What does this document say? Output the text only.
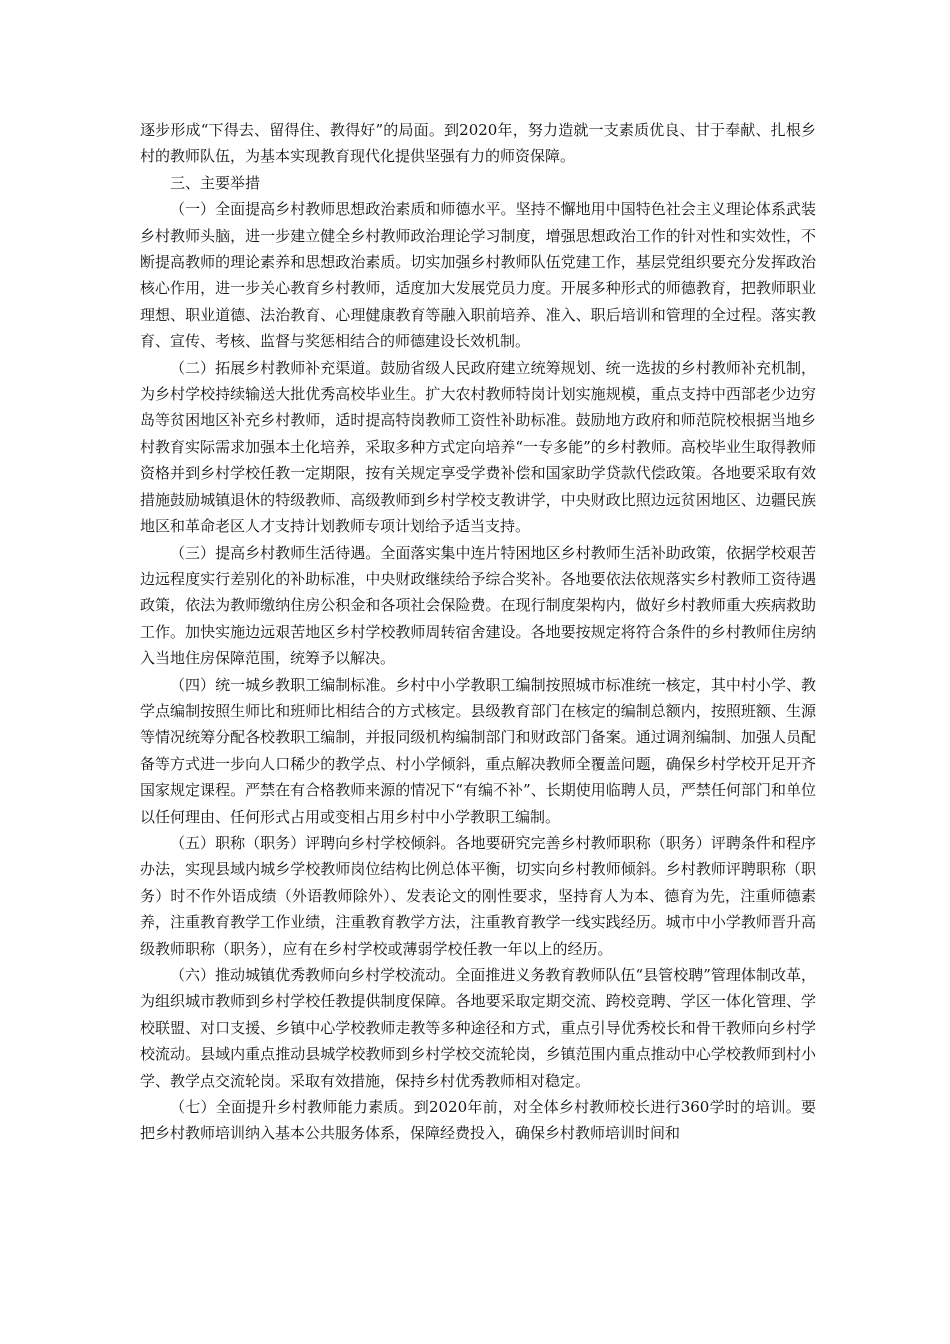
逐步形成“下得去、留得住、教得好”的局面。到2020年，努力造就一支素质优良、甘于奉献、扎根乡村的教师队伍，为基本实现教育现代化提供坚强有力的师资保障。

三、主要举措

（一）全面提高乡村教师思想政治素质和师德水平。坚持不懈地用中国特色社会主义理论体系武装乡村教师头脑，进一步建立健全乡村教师政治理论学习制度，增强思想政治工作的针对性和实效性，不断提高教师的理论素养和思想政治素质。切实加强乡村教师队伍党建工作，基层党组织要充分发挥政治核心作用，进一步关心教育乡村教师，适度加大发展党员力度。开展多种形式的师德教育，把教师职业理想、职业道德、法治教育、心理健康教育等融入职前培养、准入、职后培训和管理的全过程。落实教育、宣传、考核、监督与奖惩相结合的师德建设长效机制。

（二）拓展乡村教师补充渠道。鼓励省级人民政府建立统筹规划、统一选拔的乡村教师补充机制，为乡村学校持续输送大批优秀高校毕业生。扩大农村教师特岗计划实施规模，重点支持中西部老少边穷岛等贫困地区补充乡村教师，适时提高特岗教师工资性补助标准。鼓励地方政府和师范院校根据当地乡村教育实际需求加强本土化培养，采取多种方式定向培养“一专多能”的乡村教师。高校毕业生取得教师资格并到乡村学校任教一定期限，按有关规定享受学费补偿和国家助学贷款代偿政策。各地要采取有效措施鼓励城镇退休的特级教师、高级教师到乡村学校支教讲学，中央财政比照边远贫困地区、边疆民族地区和革命老区人才支持计划教师专项计划给予适当支持。

（三）提高乡村教师生活待遇。全面落实集中连片特困地区乡村教师生活补助政策，依据学校艰苦边远程度实行差别化的补助标准，中央财政继续给予综合奖补。各地要依法依规落实乡村教师工资待遇政策，依法为教师缴纳住房公积金和各项社会保险费。在现行制度架构内，做好乡村教师重大疾病救助工作。加快实施边远艰苦地区乡村学校教师周转宿舍建设。各地要按规定将符合条件的乡村教师住房纳入当地住房保障范围，统筹予以解决。

（四）统一城乡教职工编制标准。乡村中小学教职工编制按照城市标准统一核定，其中村小学、教学点编制按照生师比和班师比相结合的方式核定。县级教育部门在核定的编制总额内，按照班额、生源等情况统筹分配各校教职工编制，并报同级机构编制部门和财政部门备案。通过调剂编制、加强人员配备等方式进一步向人口稀少的教学点、村小学倾斜，重点解决教师全覆盖问题，确保乡村学校开足开齐国家规定课程。严禁在有合格教师来源的情况下“有编不补”、长期使用临聘人员，严禁任何部门和单位以任何理由、任何形式占用或变相占用乡村中小学教职工编制。

（五）职称（职务）评聘向乡村学校倾斜。各地要研究完善乡村教师职称（职务）评聘条件和程序办法，实现县域内城乡学校教师岗位结构比例总体平衡，切实向乡村教师倾斜。乡村教师评聘职称（职务）时不作外语成绩（外语教师除外）、发表论文的刚性要求，坚持育人为本、德育为先，注重师德素养，注重教育教学工作业绩，注重教育教学方法，注重教育教学一线实践经历。城市中小学教师晋升高级教师职称（职务），应有在乡村学校或薄弱学校任教一年以上的经历。

（六）推动城镇优秀教师向乡村学校流动。全面推进义务教育教师队伍“县管校聘”管理体制改革，为组织城市教师到乡村学校任教提供制度保障。各地要采取定期交流、跨校竞聘、学区一体化管理、学校联盟、对口支援、乡镇中心学校教师走教等多种途径和方式，重点引导优秀校长和骨干教师向乡村学校流动。县域内重点推动县城学校教师到乡村学校交流轮岗，乡镇范围内重点推动中心学校教师到村小学、教学点交流轮岗。采取有效措施，保持乡村优秀教师相对稳定。

（七）全面提升乡村教师能力素质。到2020年前，对全体乡村教师校长进行360学时的培训。要把乡村教师培训纳入基本公共服务体系，保障经费投入，确保乡村教师培训时间和
